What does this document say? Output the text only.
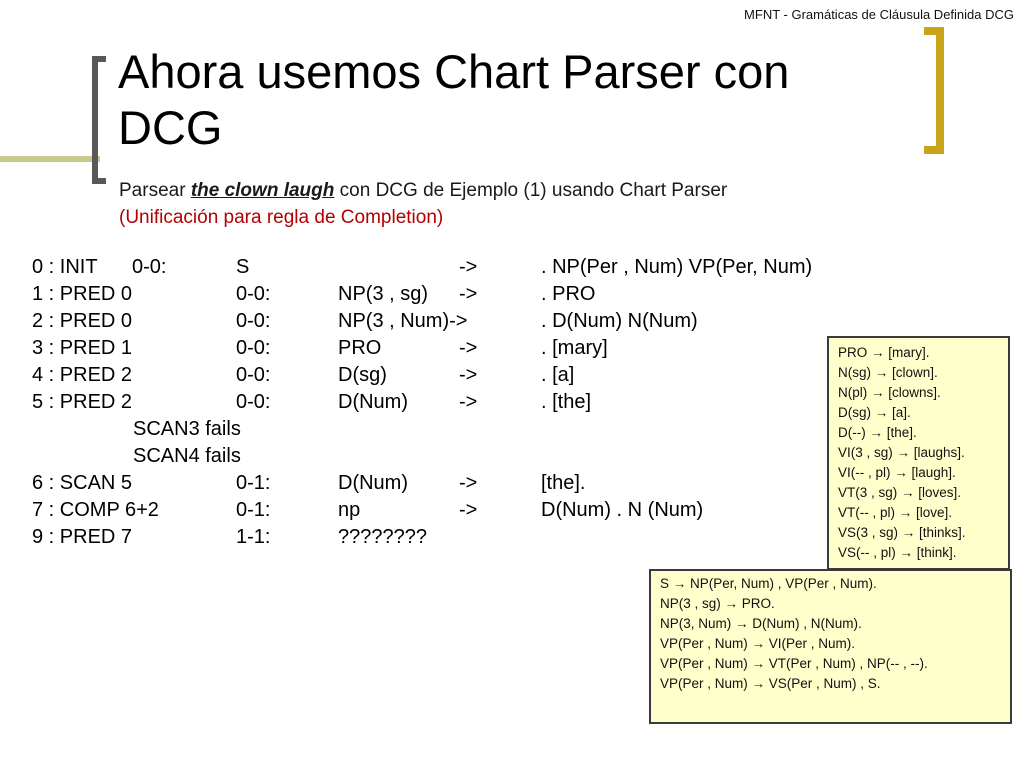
MFNT - Gramáticas de Cláusula Definida DCG
Ahora usemos Chart Parser con DCG
Parsear the clown laugh con DCG de Ejemplo (1) usando Chart Parser
(Unificación para regla de Completion)
0 : INIT 0-0:	S	->	. NP(Per , Num) VP(Per, Num)
1 : PRED 0	0-0:	NP(3 , sg) ->	. PRO
2 : PRED 0	0-0:	NP(3 , Num)->	. D(Num) N(Num)
3 : PRED 1	0-0:	PRO	->	. [mary]
4 : PRED 2	0-0:	D(sg)	->	. [a]
5 : PRED 2	0-0:	D(Num)	->	. [the]
SCAN3 fails
SCAN4 fails
6 : SCAN 5	0-1:	D(Num)	->	[the].
7 : COMP 6+2	0-1:	np	->	D(Num) . N (Num)
9 : PRED 7	1-1:	????????
PRO → [mary].
N(sg) → [clown].
N(pl) → [clowns].
D(sg) → [a].
D(--) → [the].
VI(3 , sg) → [laughs].
VI(-- , pl) → [laugh].
VT(3 , sg) → [loves].
VT(-- , pl) → [love].
VS(3 , sg) → [thinks].
VS(-- , pl) → [think].
S → NP(Per, Num) , VP(Per , Num).
NP(3 , sg) → PRO.
NP(3, Num) → D(Num) , N(Num).
VP(Per , Num) → VI(Per , Num).
VP(Per , Num) → VT(Per , Num) , NP(-- , --).
VP(Per , Num) → VS(Per , Num) , S.
